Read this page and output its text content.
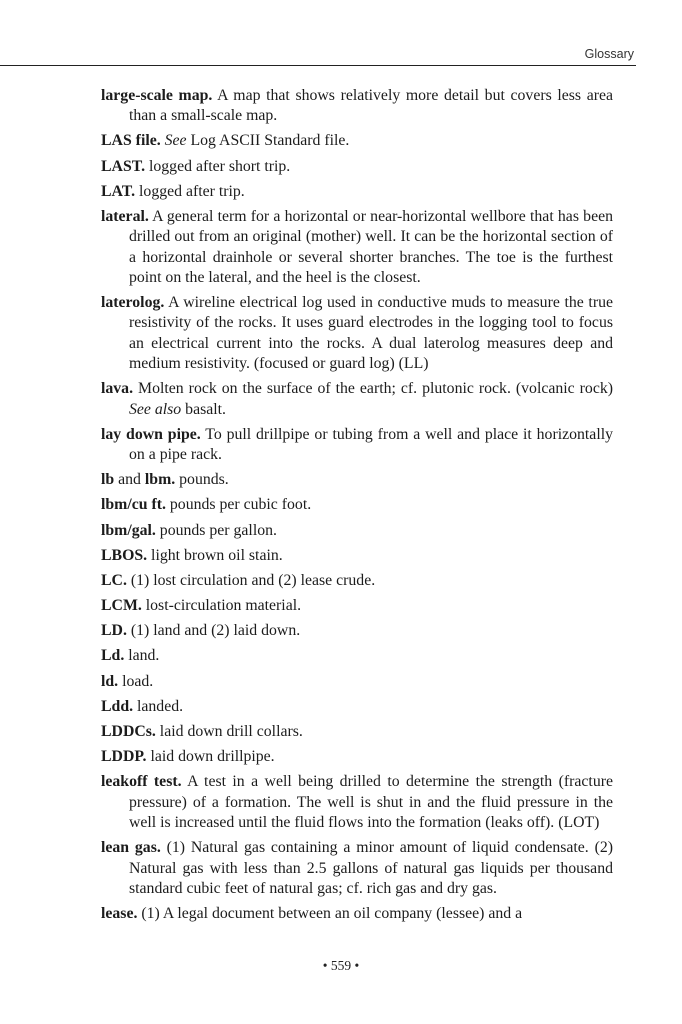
Glossary

large-scale map. A map that shows relatively more detail but covers less area than a small-scale map.

LAS file. See Log ASCII Standard file.

LAST. logged after short trip.

LAT. logged after trip.

lateral. A general term for a horizontal or near-horizontal wellbore that has been drilled out from an original (mother) well. It can be the horizontal section of a horizontal drainhole or several shorter branches. The toe is the furthest point on the lateral, and the heel is the closest.

laterolog. A wireline electrical log used in conductive muds to measure the true resistivity of the rocks. It uses guard electrodes in the logging tool to focus an electrical current into the rocks. A dual laterolog measures deep and medium resistivity. (focused or guard log) (LL)

lava. Molten rock on the surface of the earth; cf. plutonic rock. (volcanic rock) See also basalt.

lay down pipe. To pull drillpipe or tubing from a well and place it horizontally on a pipe rack.

lb and lbm. pounds.

lbm/cu ft. pounds per cubic foot.

lbm/gal. pounds per gallon.

LBOS. light brown oil stain.

LC. (1) lost circulation and (2) lease crude.

LCM. lost-circulation material.

LD. (1) land and (2) laid down.

Ld. land.

ld. load.

Ldd. landed.

LDDCs. laid down drill collars.

LDDP. laid down drillpipe.

leakoff test. A test in a well being drilled to determine the strength (fracture pressure) of a formation. The well is shut in and the fluid pressure in the well is increased until the fluid flows into the formation (leaks off). (LOT)

lean gas. (1) Natural gas containing a minor amount of liquid condensate. (2) Natural gas with less than 2.5 gallons of natural gas liquids per thousand standard cubic feet of natural gas; cf. rich gas and dry gas.

lease. (1) A legal document between an oil company (lessee) and a

• 559 •
